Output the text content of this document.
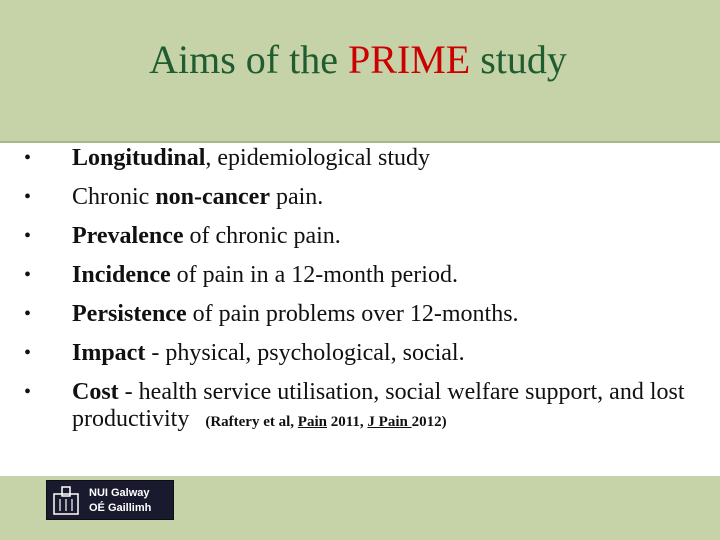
Aims of the PRIME study
•	Longitudinal, epidemiological study
•	Chronic non-cancer pain.
•	Prevalence of chronic pain.
•	Incidence of pain in a 12-month period.
•	Persistence of pain problems over 12-months.
•	Impact - physical, psychological, social.
•	Cost - health service utilisation, social welfare support, and lost productivity (Raftery et al, Pain 2011, J Pain 2012)
NUI Galway
OÉ Gaillimh
